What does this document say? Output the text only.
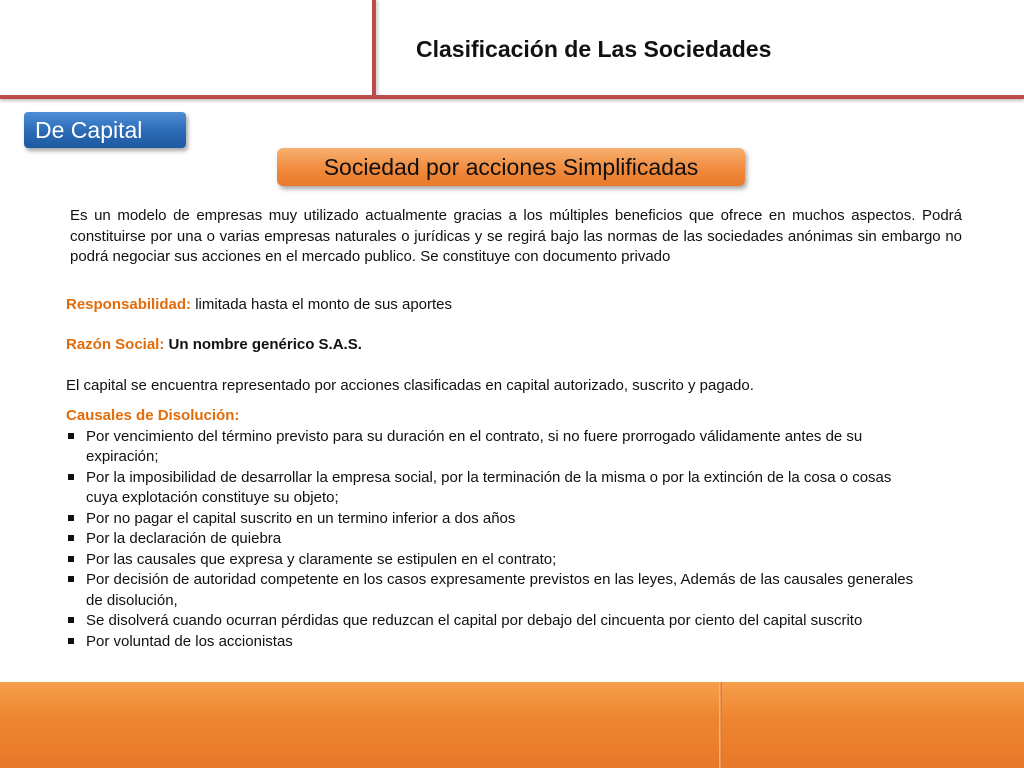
Clasificación de Las Sociedades
De Capital
Sociedad por acciones Simplificadas
Es un modelo de empresas muy utilizado actualmente gracias a los múltiples beneficios que ofrece en muchos aspectos. Podrá constituirse por una o varias empresas naturales o jurídicas y se regirá bajo las normas de las sociedades anónimas sin embargo no podrá negociar sus acciones en el mercado publico. Se constituye con documento privado
Responsabilidad: limitada hasta el monto de sus aportes
Razón Social: Un nombre genérico S.A.S.
El capital se encuentra representado por acciones clasificadas en capital autorizado, suscrito y pagado.
Causales de Disolución:
Por vencimiento del término previsto para su duración en el contrato, si no fuere prorrogado válidamente antes de su expiración;
Por la imposibilidad de desarrollar la empresa social, por la terminación de la misma o por la extinción de la cosa o cosas cuya explotación constituye su objeto;
Por no pagar el capital suscrito en un termino inferior a dos años
Por la declaración de quiebra
Por las causales que expresa y claramente se estipulen en el contrato;
Por decisión de autoridad competente en los casos expresamente previstos en las leyes, Además de las causales generales de disolución,
Se disolverá cuando ocurran pérdidas que reduzcan el capital por debajo del cincuenta por ciento del capital suscrito
Por voluntad de los accionistas
